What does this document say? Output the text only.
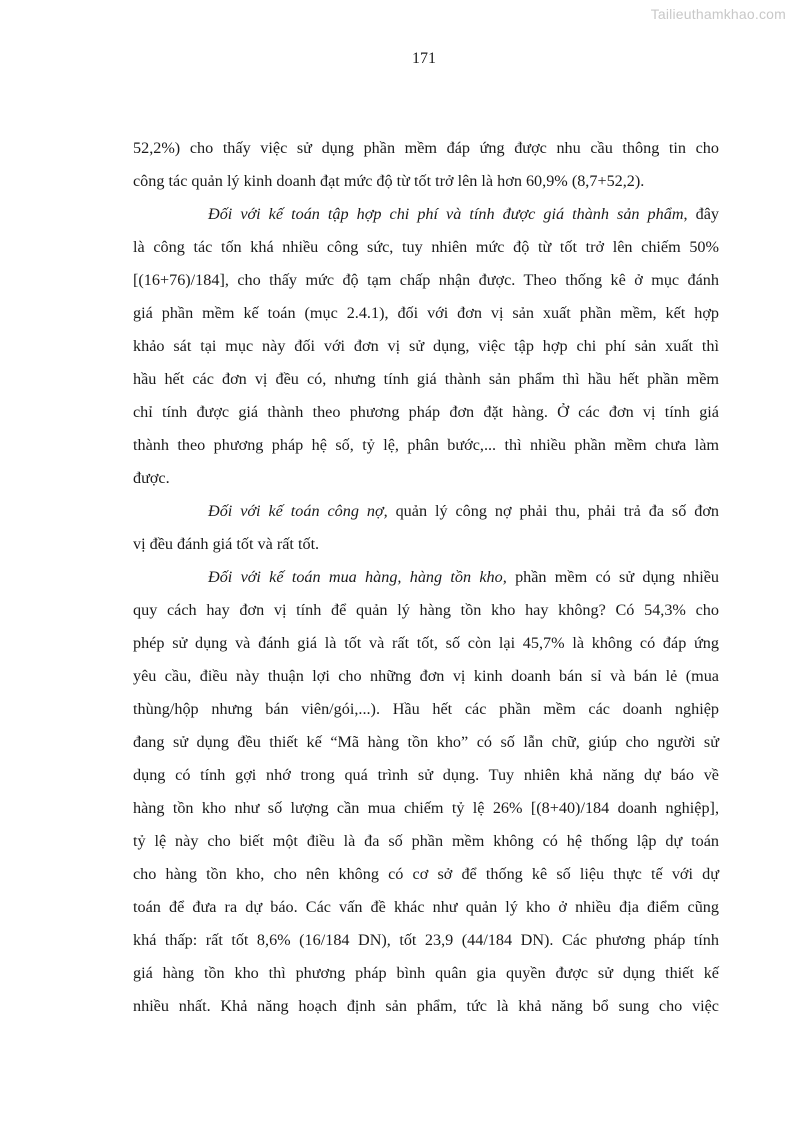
Tailieuthamkhao.com
171
52,2%) cho thấy việc sử dụng phần mềm đáp ứng được nhu cầu thông tin cho
công tác quản lý kinh doanh đạt mức độ từ tốt trở lên là hơn 60,9% (8,7+52,2).
Đối với kế toán tập hợp chi phí và tính được giá thành sản phẩm, đây
là công tác tốn khá nhiều công sức, tuy nhiên mức độ từ tốt trở lên chiếm 50%
[(16+76)/184], cho thấy mức độ tạm chấp nhận được. Theo thống kê ở mục đánh
giá phần mềm kế toán (mục 2.4.1), đối với đơn vị sản xuất phần mềm, kết hợp
khảo sát tại mục này đối với đơn vị sử dụng, việc tập hợp chi phí sản xuất thì
hầu hết các đơn vị đều có, nhưng tính giá thành sản phẩm thì hầu hết phần mềm
chỉ tính được giá thành theo phương pháp đơn đặt hàng. Ở các đơn vị tính giá
thành theo phương pháp hệ số, tỷ lệ, phân bước,... thì nhiều phần mềm chưa làm
được.
Đối với kế toán công nợ, quản lý công nợ phải thu, phải trả đa số đơn
vị đều đánh giá tốt và rất tốt.
Đối với kế toán mua hàng, hàng tồn kho, phần mềm có sử dụng nhiều
quy cách hay đơn vị tính để quản lý hàng tồn kho hay không? Có 54,3% cho
phép sử dụng và đánh giá là tốt và rất tốt, số còn lại 45,7% là không có đáp ứng
yêu cầu, điều này thuận lợi cho những đơn vị kinh doanh bán sỉ và bán lẻ (mua
thùng/hộp nhưng bán viên/gói,...). Hầu hết các phần mềm các doanh nghiệp
đang sử dụng đều thiết kế “Mã hàng tồn kho” có số lẫn chữ, giúp cho người sử
dụng có tính gợi nhớ trong quá trình sử dụng. Tuy nhiên khả năng dự báo về
hàng tồn kho như số lượng cần mua chiếm tỷ lệ 26% [(8+40)/184 doanh nghiệp],
tỷ lệ này cho biết một điều là đa số phần mềm không có hệ thống lập dự toán
cho hàng tồn kho, cho nên không có cơ sở để thống kê số liệu thực tế với dự
toán để đưa ra dự báo. Các vấn đề khác như quản lý kho ở nhiều địa điểm cũng
khá thấp: rất tốt 8,6% (16/184 DN), tốt 23,9 (44/184 DN). Các phương pháp tính
giá hàng tồn kho thì phương pháp bình quân gia quyền được sử dụng thiết kế
nhiều nhất. Khả năng hoạch định sản phẩm, tức là khả năng bổ sung cho việc
